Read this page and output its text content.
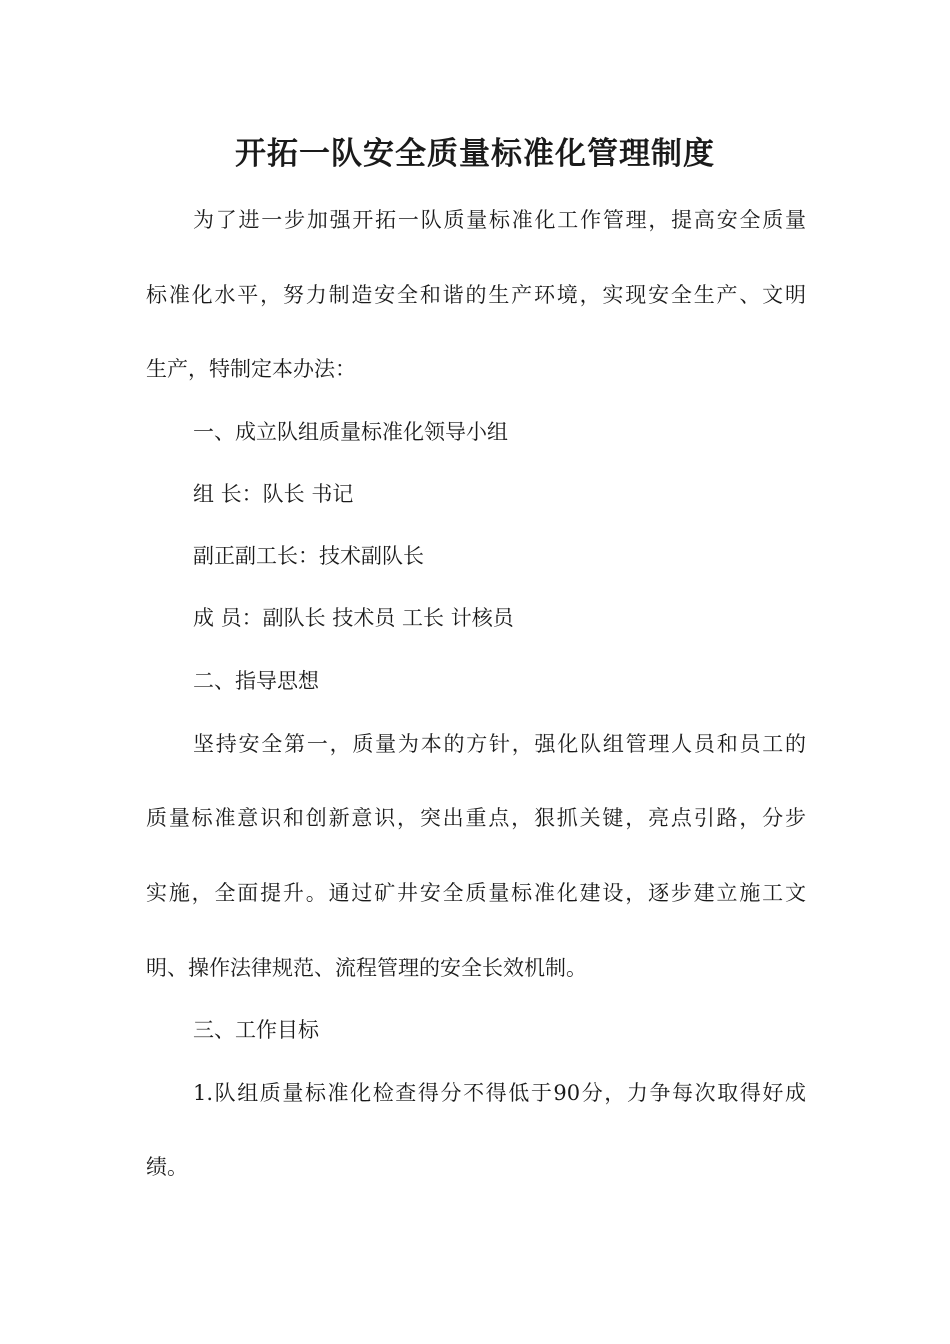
开拓一队安全质量标准化管理制度
为了进一步加强开拓一队质量标准化工作管理，提高安全质量
标准化水平，努力制造安全和谐的生产环境，实现安全生产、文明
生产，特制定本办法：
一、成立队组质量标准化领导小组
组 长：队长 书记
副正副工长：技术副队长
成 员：副队长 技术员 工长 计核员
二、指导思想
坚持安全第一，质量为本的方针，强化队组管理人员和员工的
质量标准意识和创新意识，突出重点，狠抓关键，亮点引路，分步
实施，全面提升。通过矿井安全质量标准化建设，逐步建立施工文
明、操作法律规范、流程管理的安全长效机制。
三、工作目标
1.队组质量标准化检查得分不得低于90分，力争每次取得好成
绩。
